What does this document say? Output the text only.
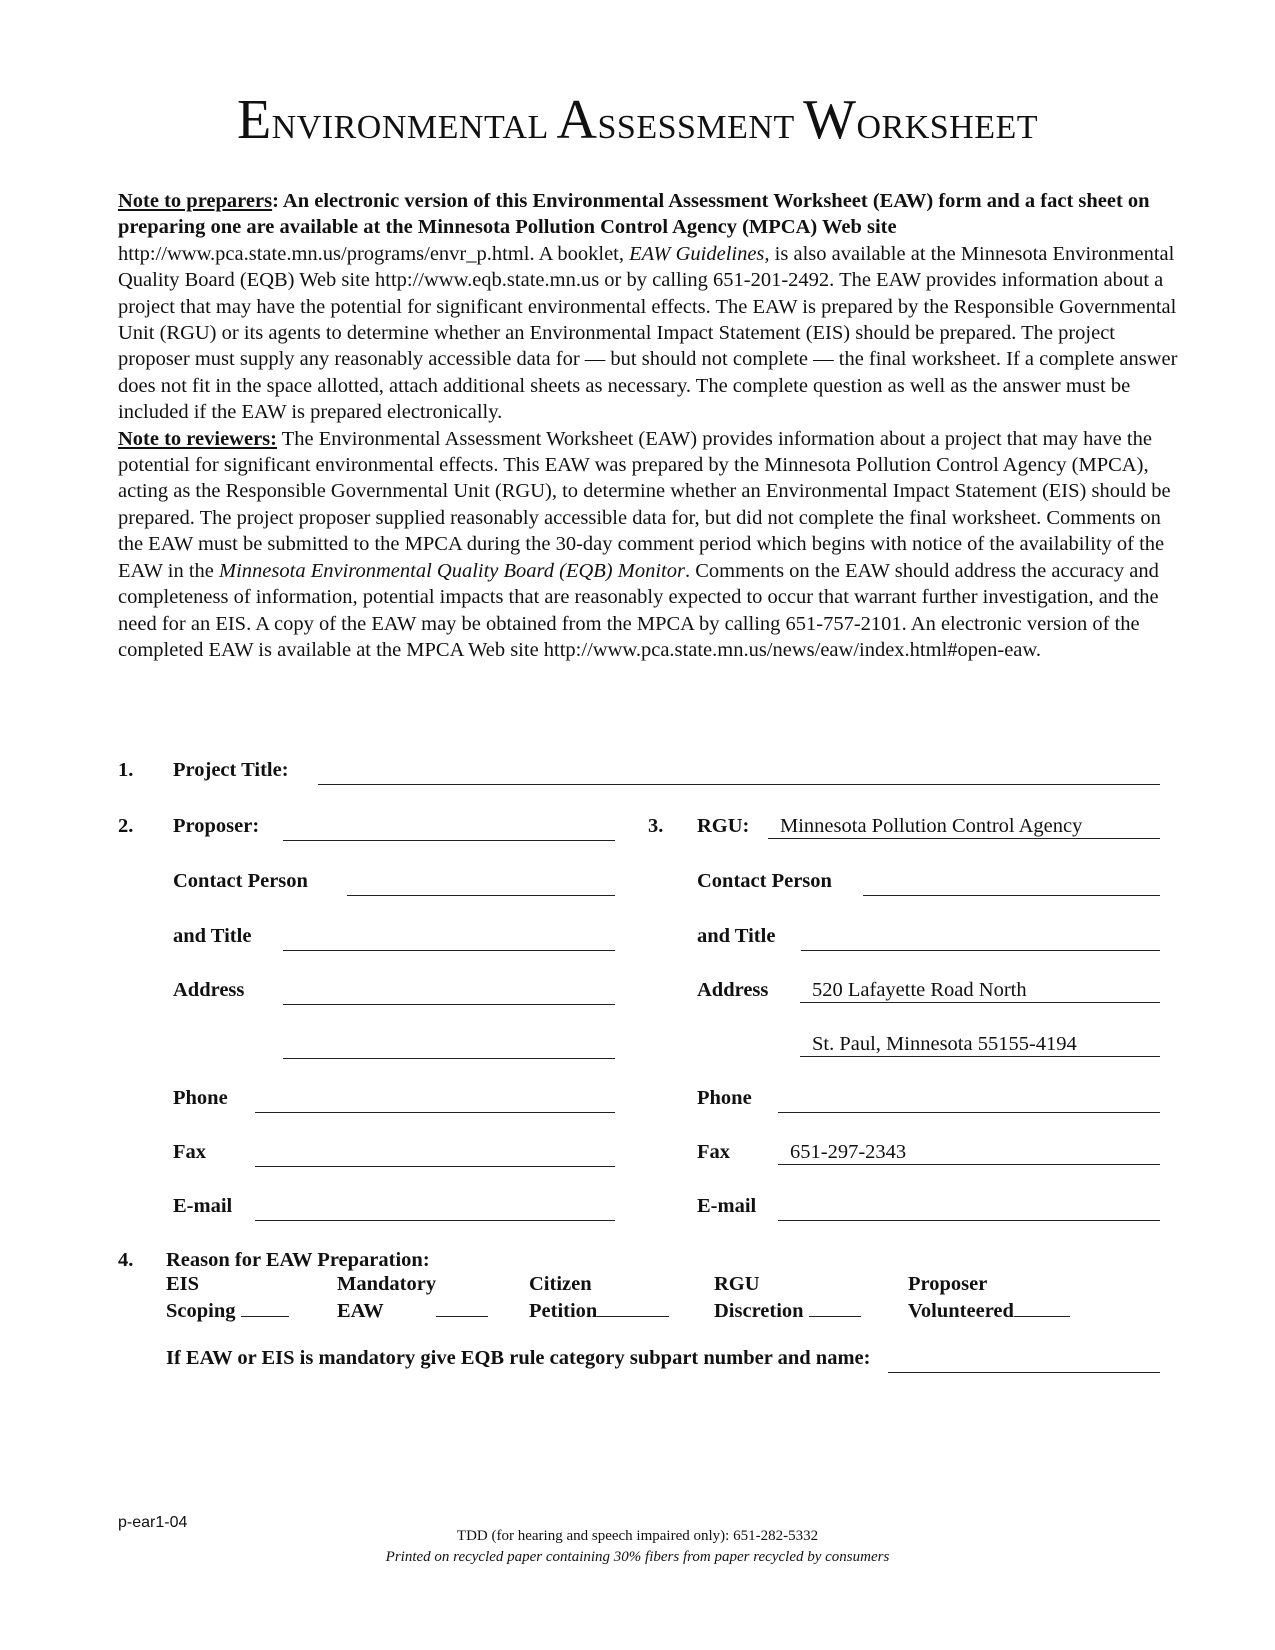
ENVIRONMENTAL ASSESSMENT WORKSHEET

Note to preparers: An electronic version of this Environmental Assessment Worksheet (EAW) form and a fact sheet on preparing one are available at the Minnesota Pollution Control Agency (MPCA) Web site http://www.pca.state.mn.us/programs/envr_p.html. A booklet, EAW Guidelines, is also available at the Minnesota Environmental Quality Board (EQB) Web site http://www.eqb.state.mn.us or by calling 651-201-2492. The EAW provides information about a project that may have the potential for significant environmental effects. The EAW is prepared by the Responsible Governmental Unit (RGU) or its agents to determine whether an Environmental Impact Statement (EIS) should be prepared. The project proposer must supply any reasonably accessible data for — but should not complete — the final worksheet. If a complete answer does not fit in the space allotted, attach additional sheets as necessary. The complete question as well as the answer must be included if the EAW is prepared electronically.

Note to reviewers: The Environmental Assessment Worksheet (EAW) provides information about a project that may have the potential for significant environmental effects. This EAW was prepared by the Minnesota Pollution Control Agency (MPCA), acting as the Responsible Governmental Unit (RGU), to determine whether an Environmental Impact Statement (EIS) should be prepared. The project proposer supplied reasonably accessible data for, but did not complete the final worksheet. Comments on the EAW must be submitted to the MPCA during the 30-day comment period which begins with notice of the availability of the EAW in the Minnesota Environmental Quality Board (EQB) Monitor. Comments on the EAW should address the accuracy and completeness of information, potential impacts that are reasonably expected to occur that warrant further investigation, and the need for an EIS. A copy of the EAW may be obtained from the MPCA by calling 651-757-2101. An electronic version of the completed EAW is available at the MPCA Web site http://www.pca.state.mn.us/news/eaw/index.html#open-eaw.

1. Project Title:
2. Proposer:
Contact Person
and Title
Address
Phone
Fax
E-mail
3. RGU:	Minnesota Pollution Control Agency
Contact Person
and Title
Address	520 Lafayette Road North
St. Paul, Minnesota 55155-4194
Phone
Fax	651-297-2343
E-mail
4. Reason for EAW Preparation:
EIS
Scoping
Mandatory
EAW
Citizen
Petition
RGU
Discretion
Proposer
Volunteered
If EAW or EIS is mandatory give EQB rule category subpart number and name:
p-ear1-04
TDD (for hearing and speech impaired only): 651-282-5332
Printed on recycled paper containing 30% fibers from paper recycled by consumers
